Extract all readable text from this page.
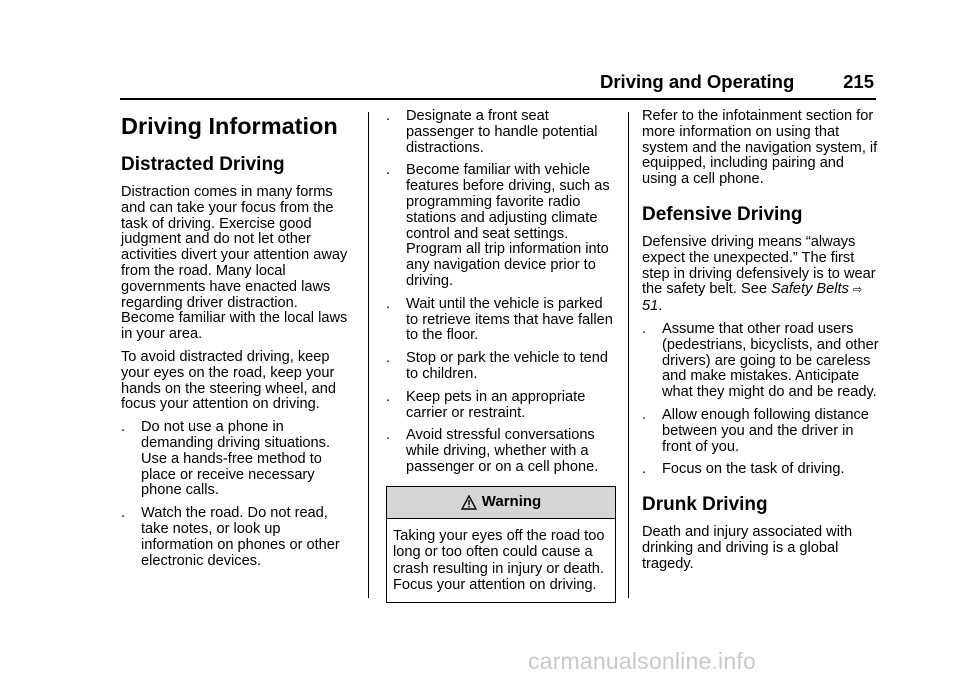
Driving and Operating	215
Driving Information
Distracted Driving

Distraction comes in many forms and can take your focus from the task of driving. Exercise good judgment and do not let other activities divert your attention away from the road. Many local governments have enacted laws regarding driver distraction. Become familiar with the local laws in your area.

To avoid distracted driving, keep your eyes on the road, keep your hands on the steering wheel, and focus your attention on driving.

.	Do not use a phone in demanding driving situations. Use a hands-free method to place or receive necessary phone calls.
.	Watch the road. Do not read, take notes, or look up information on phones or other electronic devices.
.	Designate a front seat passenger to handle potential distractions.
.	Become familiar with vehicle features before driving, such as programming favorite radio stations and adjusting climate control and seat settings. Program all trip information into any navigation device prior to driving.
.	Wait until the vehicle is parked to retrieve items that have fallen to the floor.
.	Stop or park the vehicle to tend to children.
.	Keep pets in an appropriate carrier or restraint.
.	Avoid stressful conversations while driving, whether with a passenger or on a cell phone.
Warning
Taking your eyes off the road too long or too often could cause a crash resulting in injury or death. Focus your attention on driving.

Refer to the infotainment section for more information on using that system and the navigation system, if equipped, including pairing and using a cell phone.

Defensive Driving

Defensive driving means “always expect the unexpected.” The first step in driving defensively is to wear the safety belt. See Safety Belts ⇨ 51.

.	Assume that other road users (pedestrians, bicyclists, and other drivers) are going to be careless and make mistakes. Anticipate what they might do and be ready.
.	Allow enough following distance between you and the driver in front of you.
.	Focus on the task of driving.
Drunk Driving

Death and injury associated with drinking and driving is a global tragedy.

carmanualsonline.info
